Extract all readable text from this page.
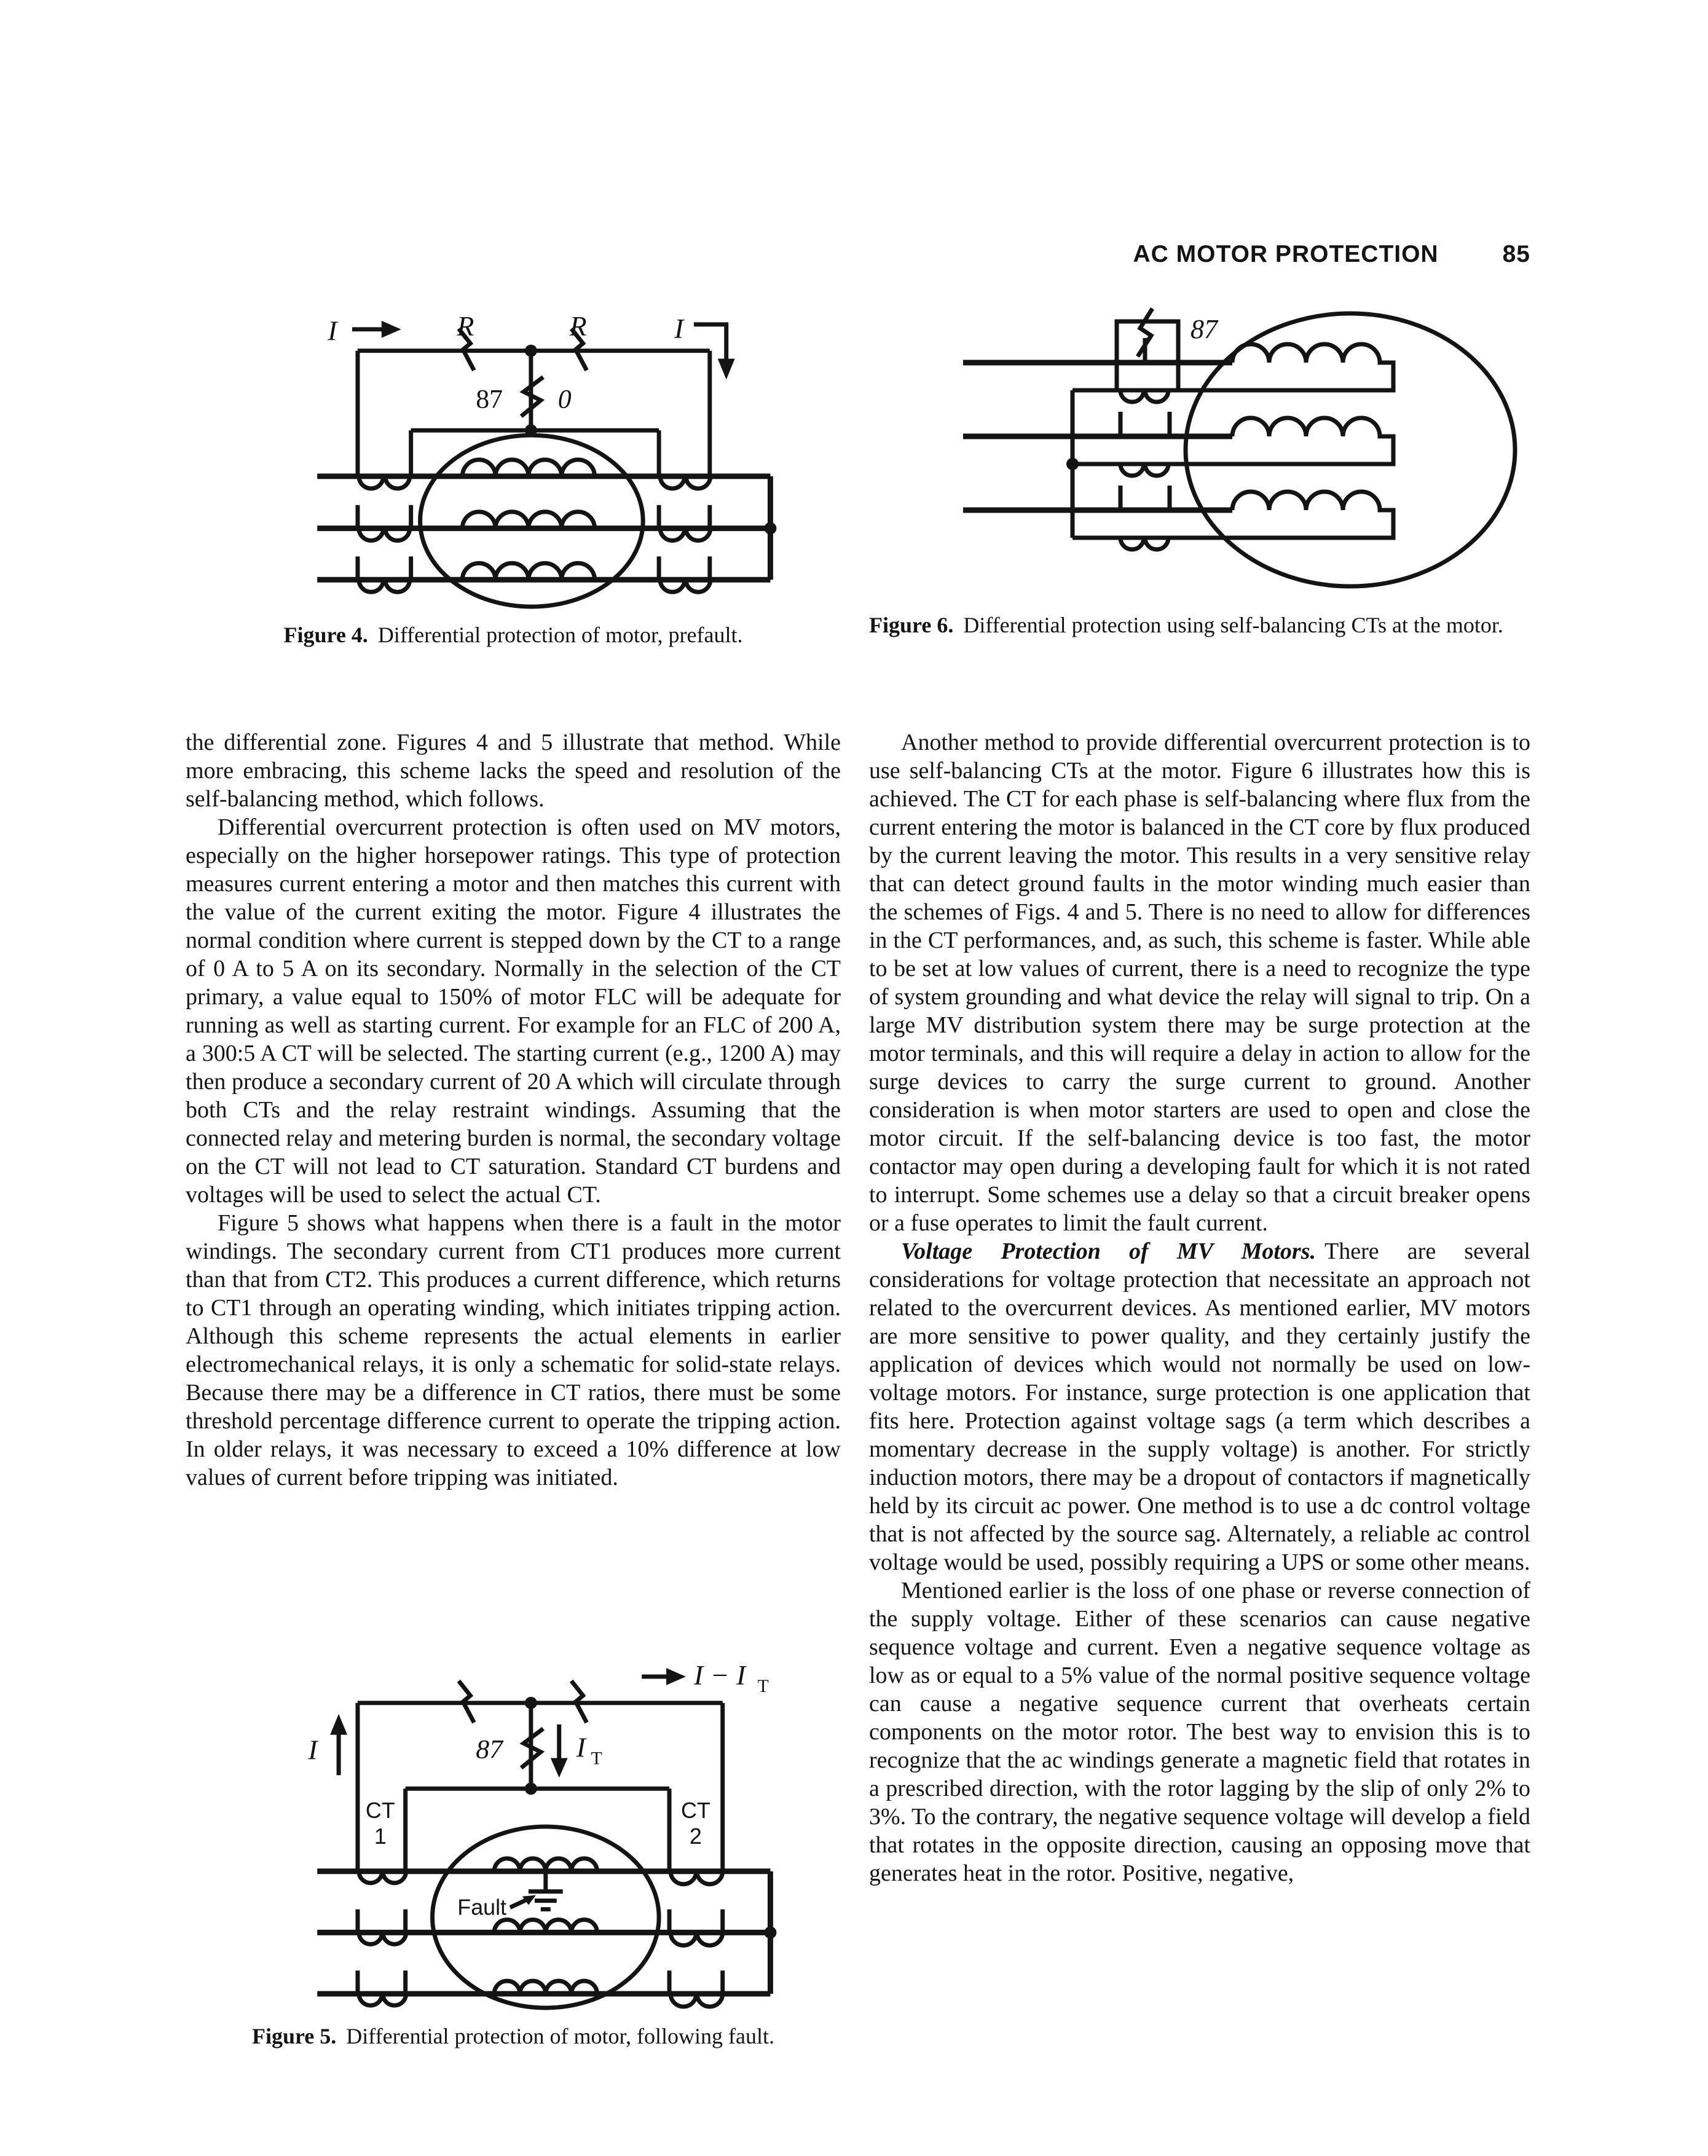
AC MOTOR PROTECTION	85
I	R	R	I
87 0
Figure 4. Differential protection of motor, prefault.

the differential zone. Figures 4 and 5 illustrate that method. While more embracing, this scheme lacks the speed and resolution of the self-balancing method, which follows.

Differential overcurrent protection is often used on MV motors, especially on the higher horsepower ratings. This type of protection measures current entering a motor and then matches this current with the value of the current exiting the motor. Figure 4 illustrates the normal condition where current is stepped down by the CT to a range of 0 A to 5 A on its secondary. Normally in the selection of the CT primary, a value equal to 150% of motor FLC will be adequate for running as well as starting current. For example for an FLC of 200 A, a 300:5 A CT will be selected. The starting current (e.g., 1200 A) may then produce a secondary current of 20 A which will circulate through both CTs and the relay restraint windings. Assuming that the connected relay and metering burden is normal, the secondary voltage on the CT will not lead to CT saturation. Standard CT burdens and voltages will be used to select the actual CT.

Figure 5 shows what happens when there is a fault in the motor windings. The secondary current from CT1 produces more current than that from CT2. This produces a current difference, which returns to CT1 through an operating winding, which initiates tripping action. Although this scheme represents the actual elements in earlier electromechanical relays, it is only a schematic for solid-state relays. Because there may be a difference in CT ratios, there must be some threshold percentage difference current to operate the tripping action. In older relays, it was necessary to exceed a 10% difference at low values of current before tripping was initiated.

I	87	I T
I − I T
CT
1
CT
2
Fault
Figure 5. Differential protection of motor, following fault.
87
Figure 6. Differential protection using self-balancing CTs at the motor.

Another method to provide differential overcurrent protection is to use self-balancing CTs at the motor. Figure 6 illustrates how this is achieved. The CT for each phase is self-balancing where flux from the current entering the motor is balanced in the CT core by flux produced by the current leaving the motor. This results in a very sensitive relay that can detect ground faults in the motor winding much easier than the schemes of Figs. 4 and 5. There is no need to allow for differences in the CT performances, and, as such, this scheme is faster. While able to be set at low values of current, there is a need to recognize the type of system grounding and what device the relay will signal to trip. On a large MV distribution system there may be surge protection at the motor terminals, and this will require a delay in action to allow for the surge devices to carry the surge current to ground. Another consideration is when motor starters are used to open and close the motor circuit. If the self-balancing device is too fast, the motor contactor may open during a developing fault for which it is not rated to interrupt. Some schemes use a delay so that a circuit breaker opens or a fuse operates to limit the fault current.

Voltage Protection of MV Motors. There are several considerations for voltage protection that necessitate an approach not related to the overcurrent devices. As mentioned earlier, MV motors are more sensitive to power quality, and they certainly justify the application of devices which would not normally be used on low-voltage motors. For instance, surge protection is one application that fits here. Protection against voltage sags (a term which describes a momentary decrease in the supply voltage) is another. For strictly induction motors, there may be a dropout of contactors if magnetically held by its circuit ac power. One method is to use a dc control voltage that is not affected by the source sag. Alternately, a reliable ac control voltage would be used, possibly requiring a UPS or some other means.

Mentioned earlier is the loss of one phase or reverse connection of the supply voltage. Either of these scenarios can cause negative sequence voltage and current. Even a negative sequence voltage as low as or equal to a 5% value of the normal positive sequence voltage can cause a negative sequence current that overheats certain components on the motor rotor. The best way to envision this is to recognize that the ac windings generate a magnetic field that rotates in a prescribed direction, with the rotor lagging by the slip of only 2% to 3%. To the contrary, the negative sequence voltage will develop a field that rotates in the opposite direction, causing an opposing move that generates heat in the rotor. Positive, negative,
